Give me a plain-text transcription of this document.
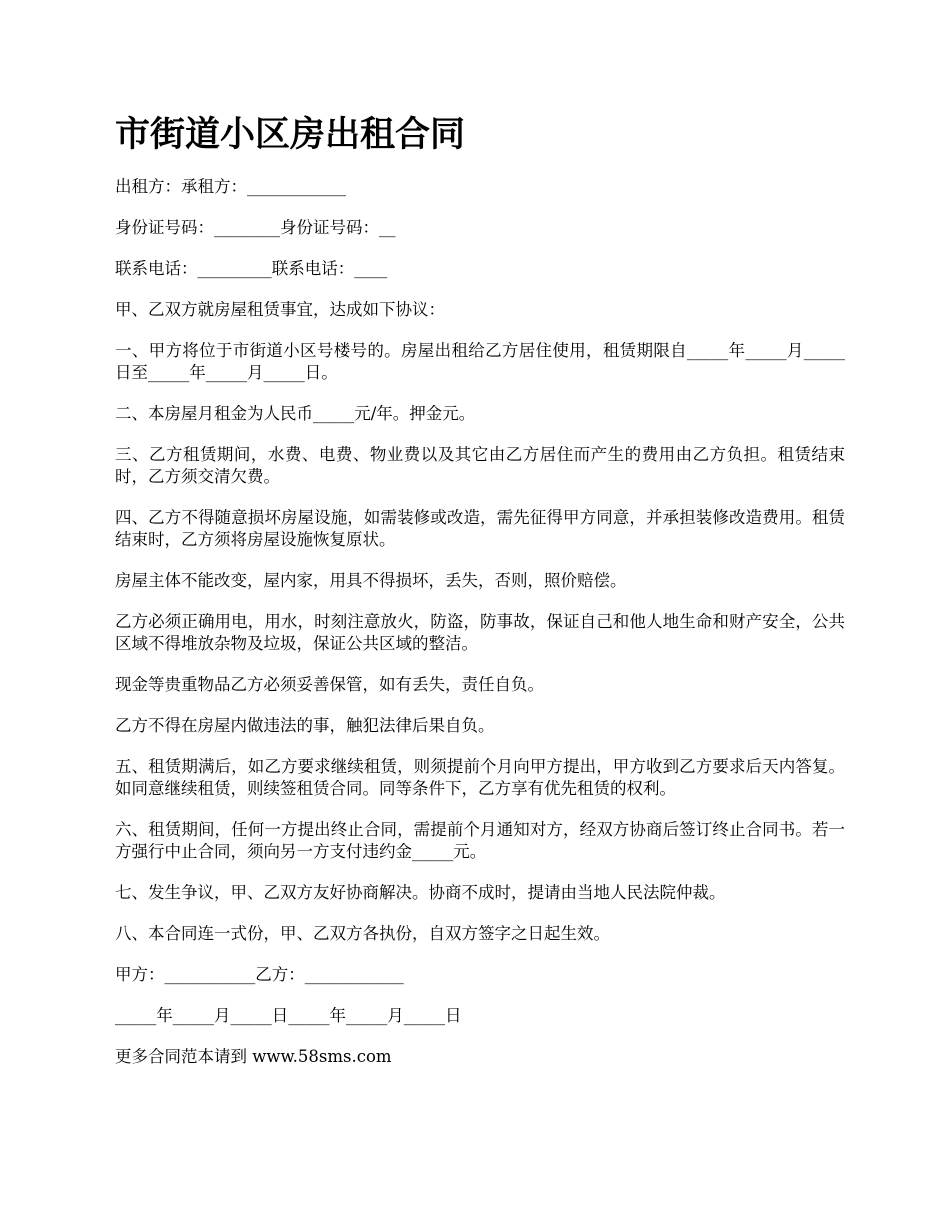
市街道小区房出租合同

出租方：承租方：____________

身份证号码：________身份证号码：__

联系电话：_________联系电话：____

甲、乙双方就房屋租赁事宜，达成如下协议：

一、甲方将位于市街道小区号楼号的。房屋出租给乙方居住使用，租赁期限自_____年_____月_____日至_____年_____月_____日。

二、本房屋月租金为人民币_____元/年。押金元。

三、乙方租赁期间，水费、电费、物业费以及其它由乙方居住而产生的费用由乙方负担。租赁结束时，乙方须交清欠费。

四、乙方不得随意损坏房屋设施，如需装修或改造，需先征得甲方同意，并承担装修改造费用。租赁结束时，乙方须将房屋设施恢复原状。

房屋主体不能改变，屋内家，用具不得损坏，丢失，否则，照价赔偿。

乙方必须正确用电，用水，时刻注意放火，防盗，防事故，保证自己和他人地生命和财产安全，公共区域不得堆放杂物及垃圾，保证公共区域的整洁。

现金等贵重物品乙方必须妥善保管，如有丢失，责任自负。

乙方不得在房屋内做违法的事，触犯法律后果自负。

五、租赁期满后，如乙方要求继续租赁，则须提前个月向甲方提出，甲方收到乙方要求后天内答复。如同意继续租赁，则续签租赁合同。同等条件下，乙方享有优先租赁的权利。

六、租赁期间，任何一方提出终止合同，需提前个月通知对方，经双方协商后签订终止合同书。若一方强行中止合同，须向另一方支付违约金_____元。

七、发生争议，甲、乙双方友好协商解决。协商不成时，提请由当地人民法院仲裁。

八、本合同连一式份，甲、乙双方各执份，自双方签字之日起生效。

甲方：___________乙方：____________

_____年_____月_____日_____年_____月_____日

更多合同范本请到 www.58sms.com
